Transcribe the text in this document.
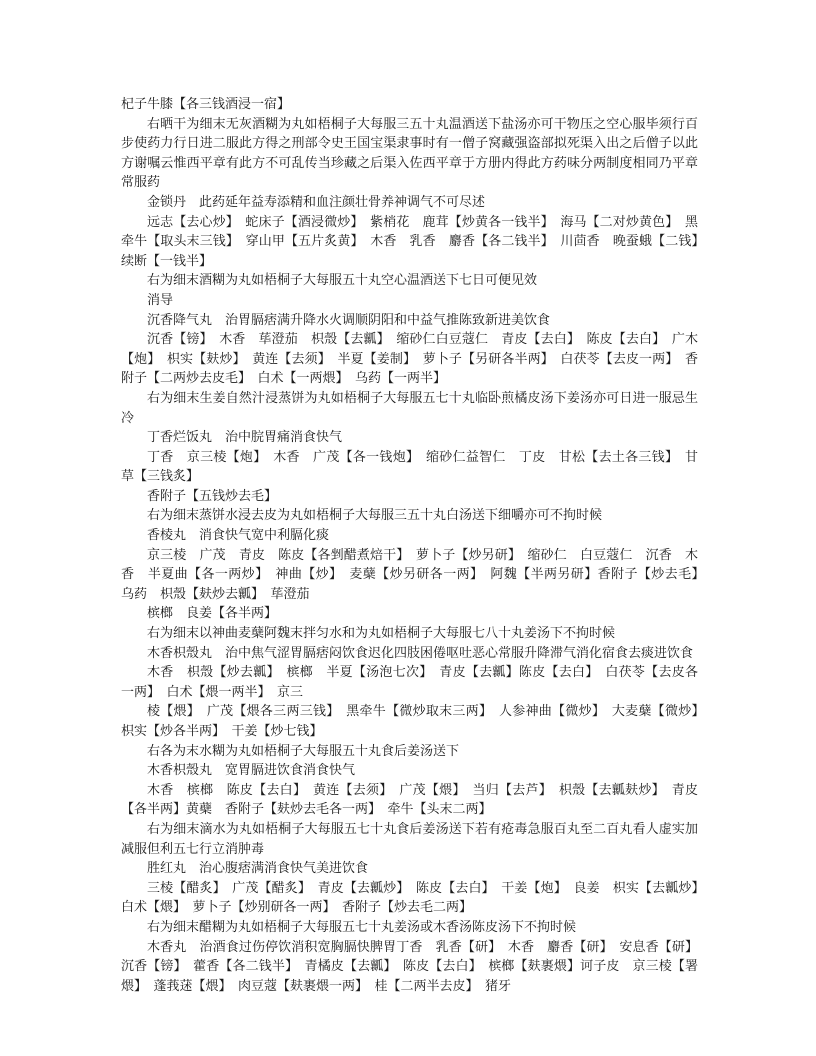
杞子牛膝【各三钱酒浸一宿】

右晒干为细末无灰酒糊为丸如梧桐子大每服三五十丸温酒送下盐汤亦可干物压之空心服毕须行百步使药力行日进二服此方得之刑部令史王国宝渠隶事时有一僧子窝藏强盗部拟死渠入出之后僧子以此方谢嘱云惟西平章有此方不可乱传当珍藏之后渠入佐西平章于方册内得此方药味分两制度相同乃平章常服药

金锁丹　此药延年益寿添精和血注颜壮骨养神调气不可尽述

远志【去心炒】　蛇床子【酒浸微炒】　紫梢花　鹿茸【炒黄各一钱半】　海马【二对炒黄色】　黑牵牛【取头末三钱】　穿山甲【五片炙黄】　木香　乳香　麝香【各二钱半】　川茴香　晚蚕蛾【二钱】　续断【一钱半】

右为细末酒糊为丸如梧桐子大每服五十丸空心温酒送下七日可便见效

消导

沉香降气丸　治胃膈痞满升降水火调顺阴阳和中益气推陈致新进美饮食

沉香【镑】　木香　荜澄茄　枳殼【去瓤】　缩砂仁白豆蔻仁　青皮【去白】　陈皮【去白】　广木【炮】　枳实【麸炒】　黄连【去须】　半夏【姜制】　萝卜子【另研各半两】　白茯苓【去皮一两】　香附子【二两炒去皮毛】　白术【一两煨】　乌药【一两半】

右为细末生姜自然汁浸蒸饼为丸如梧桐子大每服五七十丸临卧煎橘皮汤下姜汤亦可日进一服忌生冷

丁香烂饭丸　治中脘胃痛消食快气

丁香　京三棱【炮】　木香　广茂【各一钱炮】　缩砂仁益智仁　丁皮　甘松【去土各三钱】　甘草【三钱炙】

香附子【五钱炒去毛】

右为细末蒸饼水浸去皮为丸如梧桐子大每服三五十丸白汤送下细嚼亦可不拘时候

香棱丸　消食快气宽中利膈化痰

京三棱　广茂　青皮　陈皮【各剉醋煮焙干】　萝卜子【炒另研】　缩砂仁　白豆蔻仁　沉香　木香　半夏曲【各一两炒】　神曲【炒】　麦蘖【炒另研各一两】　阿魏【半两另研】香附子【炒去毛】　乌药　枳殼【麸炒去瓤】　荜澄茄

槟榔　良姜【各半两】

右为细末以神曲麦蘖阿魏末拌匀水和为丸如梧桐子大每服七八十丸姜汤下不拘时候

木香枳殼丸　治中焦气涩胃膈痞闷饮食迟化四肢困倦呕吐恶心常服升降滞气消化宿食去痰进饮食

木香　枳殼【炒去瓤】　槟榔　半夏【汤泡七次】　青皮【去瓤】陈皮【去白】　白茯苓【去皮各一两】　白术【煨一两半】　京三

棱【煨】　广茂【煨各三两三钱】　黑牵牛【微炒取末三两】　人参神曲【微炒】　大麦蘖【微炒】　枳实【炒各半两】　干姜【炒七钱】

右各为末水糊为丸如梧桐子大每服五十丸食后姜汤送下

木香枳殼丸　宽胃膈进饮食消食快气

木香　槟榔　陈皮【去白】　黄连【去须】　广茂【煨】　当归【去芦】　枳殼【去瓤麸炒】　青皮【各半两】黄蘗　香附子【麸炒去毛各一两】　牵牛【头末二两】

右为细末滴水为丸如梧桐子大每服五七十丸食后姜汤送下若有疮毒急服百丸至二百丸看人虚实加减服但利五七行立消肿毒

胜红丸　治心腹痞满消食快气美进饮食

三棱【醋炙】　广茂【醋炙】　青皮【去瓤炒】　陈皮【去白】　干姜【炮】　良姜　枳实【去瓤炒】　白术【煨】　萝卜子【炒别研各一两】　香附子【炒去毛二两】

右为细末醋糊为丸如梧桐子大每服五七十丸姜汤或木香汤陈皮汤下不拘时候

木香丸　治酒食过伤停饮消积宽胸膈快脾胃丁香　乳香【研】　木香　麝香【研】　安息香【研】沉香【镑】　藿香【各二钱半】　青橘皮【去瓤】　陈皮【去白】　槟榔【麸裹煨】诃子皮　京三棱【署煨】　蓬莪蒁【煨】　肉豆蔻【麸裹煨一两】　桂【二两半去皮】　猪牙
